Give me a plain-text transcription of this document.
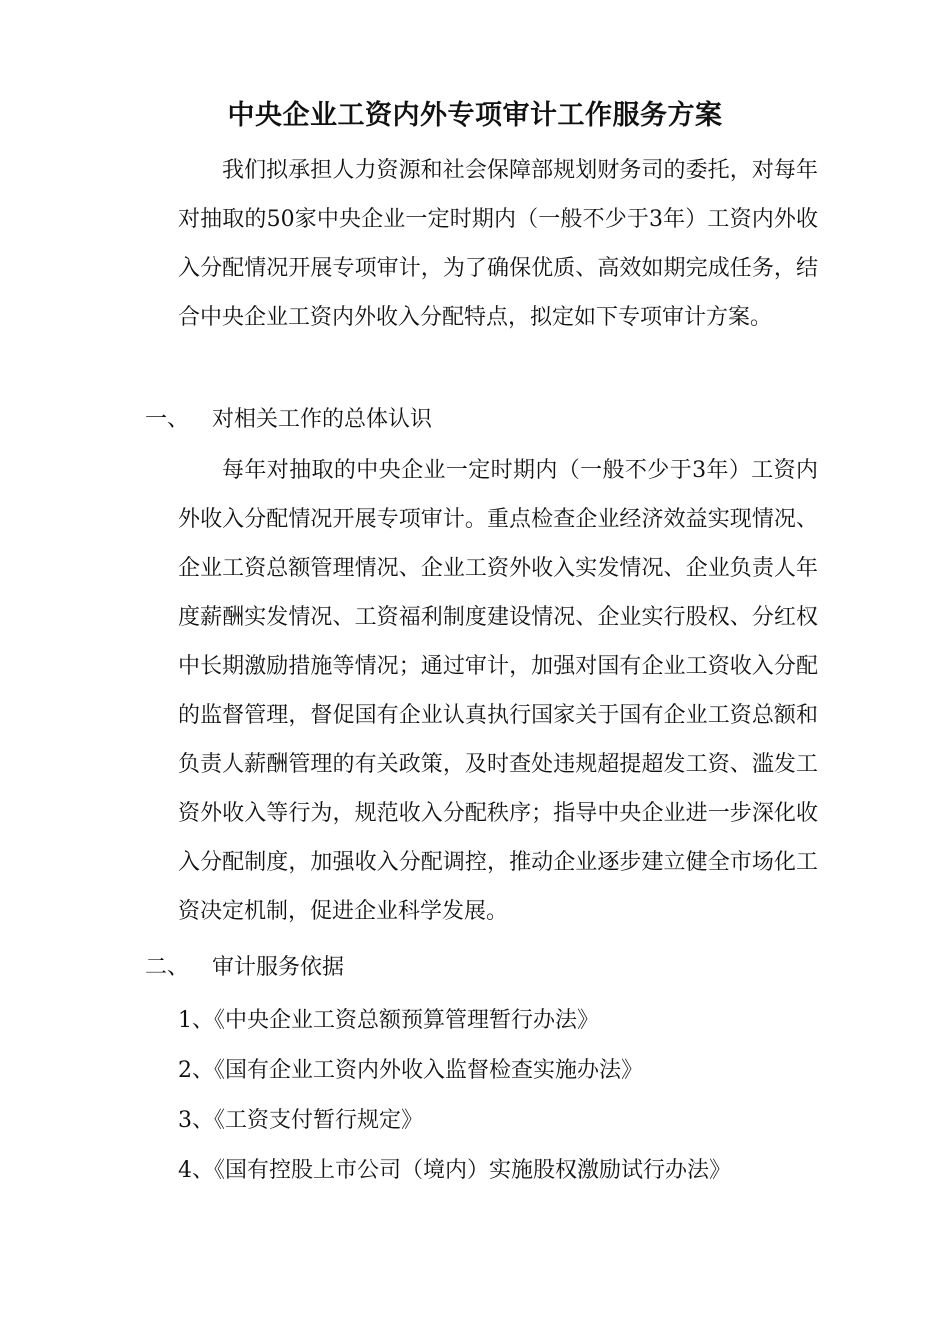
中央企业工资内外专项审计工作服务方案

我们拟承担人力资源和社会保障部规划财务司的委托，对每年对抽取的50家中央企业一定时期内（一般不少于3年）工资内外收入分配情况开展专项审计，为了确保优质、高效如期完成任务，结合中央企业工资内外收入分配特点，拟定如下专项审计方案。

一、 对相关工作的总体认识

每年对抽取的中央企业一定时期内（一般不少于3年）工资内外收入分配情况开展专项审计。重点检查企业经济效益实现情况、 企业工资总额管理情况、企业工资外收入实发情况、企业负责人年度薪酬实发情况、工资福利制度建设情况、企业实行股权、分红权中长期激励措施等情况；通过审计，加强对国有企业工资收入分配的监督管理，督促国有企业认真执行国家关于国有企业工资总额和负责人薪酬管理的有关政策，及时查处违规超提超发工资、滥发工资外收入等行为，规范收入分配秩序；指导中央企业进一步深化收入分配制度，加强收入分配调控，推动企业逐步建立健全市场化工资决定机制，促进企业科学发展。

二、 审计服务依据
1、《中央企业工资总额预算管理暂行办法》
2、《国有企业工资内外收入监督检查实施办法》
3、《工资支付暂行规定》
4、《国有控股上市公司（境内）实施股权激励试行办法》
